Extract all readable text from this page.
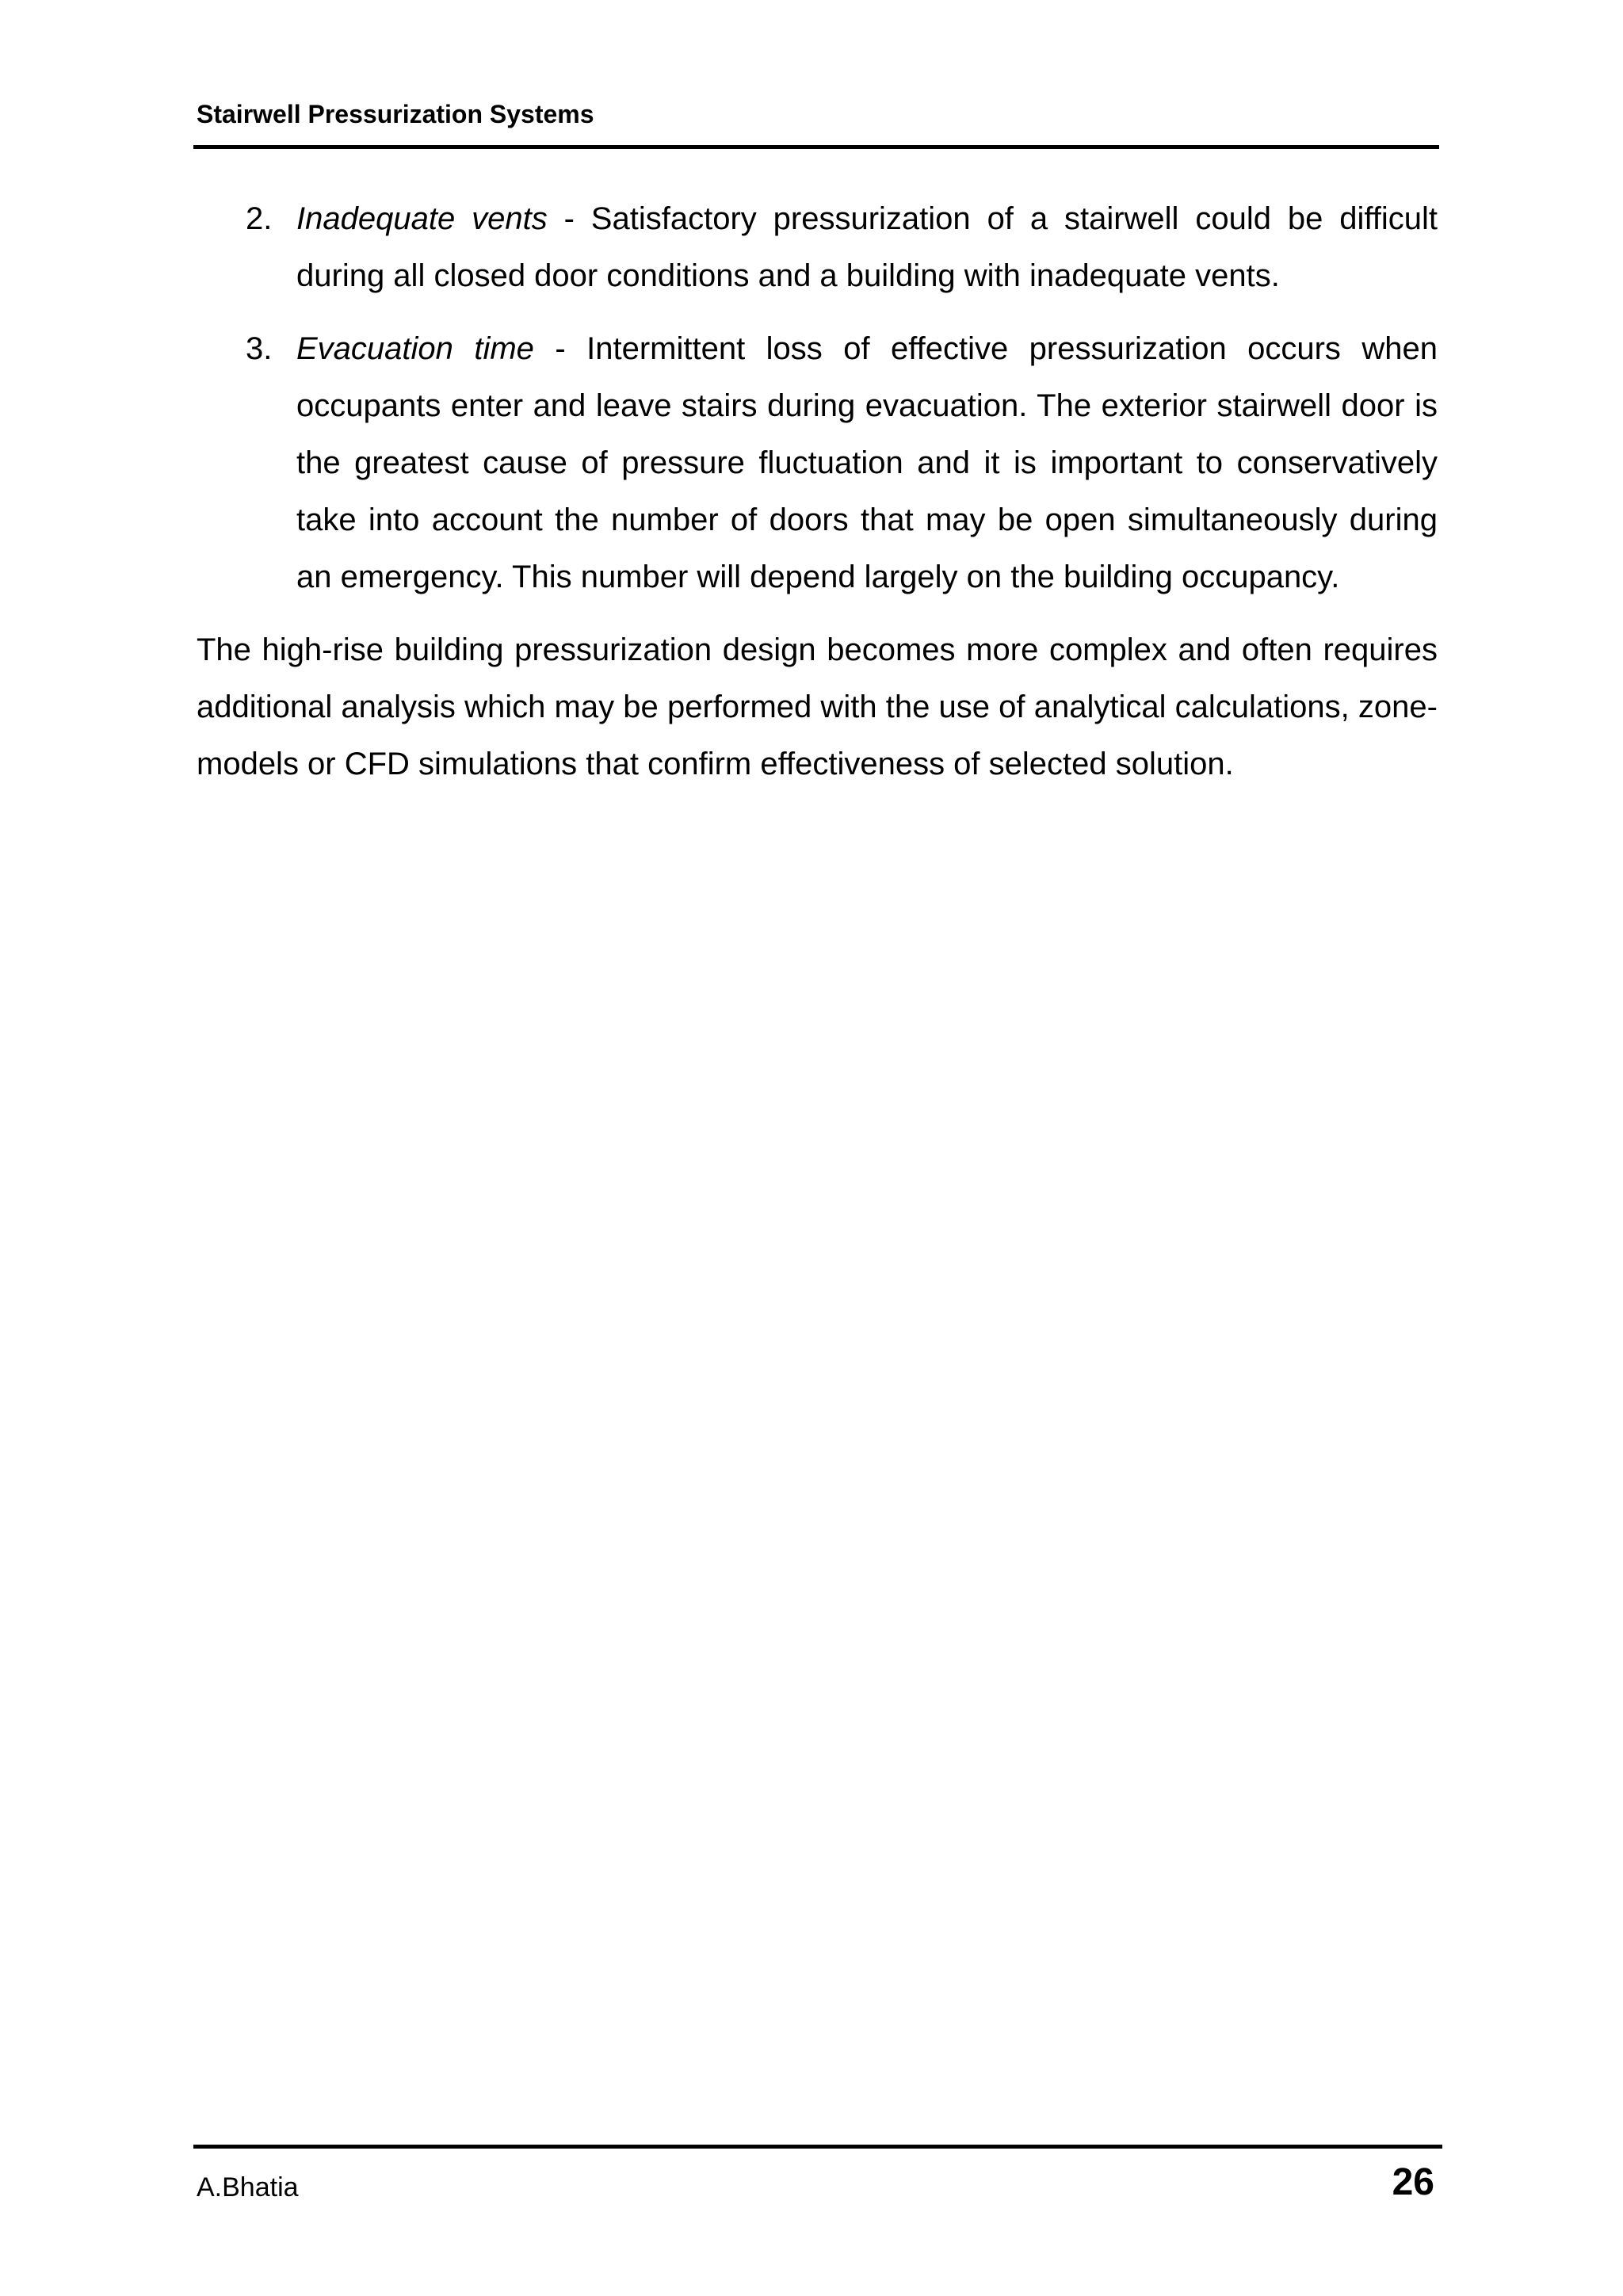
Stairwell Pressurization Systems
2. Inadequate vents - Satisfactory pressurization of a stairwell could be difficult during all closed door conditions and a building with inadequate vents.
3. Evacuation time - Intermittent loss of effective pressurization occurs when occupants enter and leave stairs during evacuation. The exterior stairwell door is the greatest cause of pressure fluctuation and it is important to conservatively take into account the number of doors that may be open simultaneously during an emergency. This number will depend largely on the building occupancy.

The high-rise building pressurization design becomes more complex and often requires additional analysis which may be performed with the use of analytical calculations, zone-models or CFD simulations that confirm effectiveness of selected solution.

A.Bhatia	26
